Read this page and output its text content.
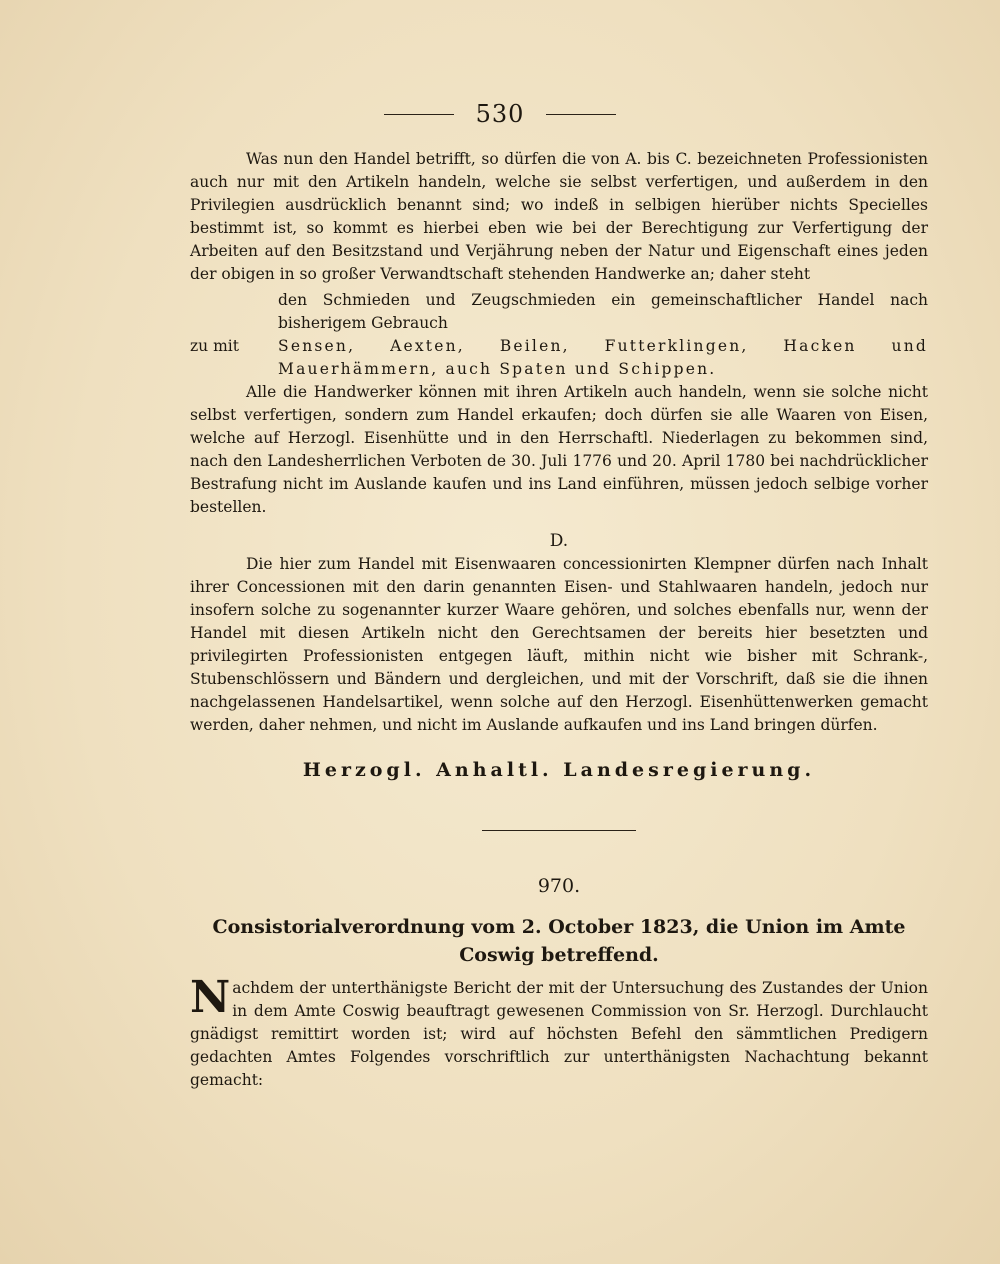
530

Was nun den Handel betrifft, so dürfen die von A. bis C. bezeichneten Professionisten auch nur mit den Artikeln handeln, welche sie selbst verfertigen, und außerdem in den Privilegien ausdrücklich benannt sind; wo indeß in selbigen hierüber nichts Specielles bestimmt ist, so kommt es hierbei eben wie bei der Berechtigung zur Verfertigung der Arbeiten auf den Besitzstand und Verjährung neben der Natur und Eigenschaft eines jeden der obigen in so großer Verwandtschaft stehenden Handwerke an; daher steht

den Schmieden und Zeugschmieden ein gemeinschaftlicher Handel nach bisherigem Gebrauch

zu mit	Sensen, Aexten, Beilen, Futterklingen, Hacken und Mauerhämmern, auch Spaten und Schippen.

Alle die Handwerker können mit ihren Artikeln auch handeln, wenn sie solche nicht selbst verfertigen, sondern zum Handel erkaufen; doch dürfen sie alle Waaren von Eisen, welche auf Herzogl. Eisenhütte und in den Herrschaftl. Niederlagen zu bekommen sind, nach den Landesherrlichen Verboten de 30. Juli 1776 und 20. April 1780 bei nachdrücklicher Bestrafung nicht im Auslande kaufen und ins Land einführen, müssen jedoch selbige vorher bestellen.

D.

Die hier zum Handel mit Eisenwaaren concessionirten Klempner dürfen nach Inhalt ihrer Concessionen mit den darin genannten Eisen- und Stahlwaaren handeln, jedoch nur insofern solche zu sogenannter kurzer Waare gehören, und solches ebenfalls nur, wenn der Handel mit diesen Artikeln nicht den Gerechtsamen der bereits hier besetzten und privilegirten Professionisten entgegen läuft, mithin nicht wie bisher mit Schrank-, Stubenschlössern und Bändern und dergleichen, und mit der Vorschrift, daß sie die ihnen nachgelassenen Handelsartikel, wenn solche auf den Herzogl. Eisenhüttenwerken gemacht werden, daher nehmen, und nicht im Auslande aufkaufen und ins Land bringen dürfen.

Herzogl. Anhaltl. Landesregierung.

970.

Consistorialverordnung vom 2. October 1823, die Union im Amte Coswig betreffend.

N achdem der unterthänigste Bericht der mit der Untersuchung des Zustandes der Union in dem Amte Coswig beauftragt gewesenen Commission von Sr. Herzogl. Durchlaucht gnädigst remittirt worden ist; wird auf höchsten Befehl den sämmtlichen Predigern gedachten Amtes Folgendes vorschriftlich zur unterthänigsten Nachachtung bekannt gemacht:
